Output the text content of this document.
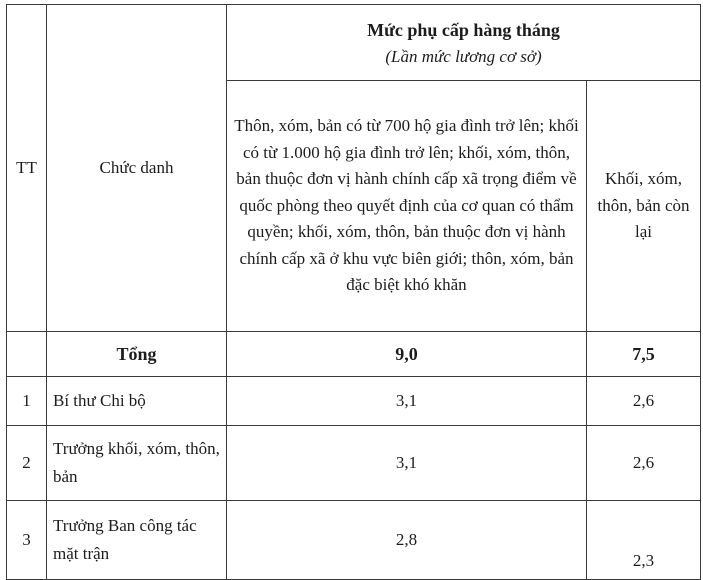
TT	Chức danh	Mức phụ cấp hàng tháng
(Lần mức lương cơ sở)	

		Thôn, xóm, bản có từ 700 hộ gia đình trở lên; khối có từ 1.000 hộ gia đình trở lên; khối, xóm, thôn, bản thuộc đơn vị hành chính cấp xã trọng điểm về quốc phòng theo quyết định của cơ quan có thẩm quyền; khối, xóm, thôn, bản thuộc đơn vị hành chính cấp xã ở khu vực biên giới; thôn, xóm, bản đặc biệt khó khăn	Khối, xóm, thôn, bản còn lại
	Tổng	9,0	7,5
1	Bí thư Chi bộ	3,1	2,6
2	Trưởng khối, xóm, thôn, bản	3,1	2,6
3	Trưởng Ban công tác mặt trận	2,8	2,3
